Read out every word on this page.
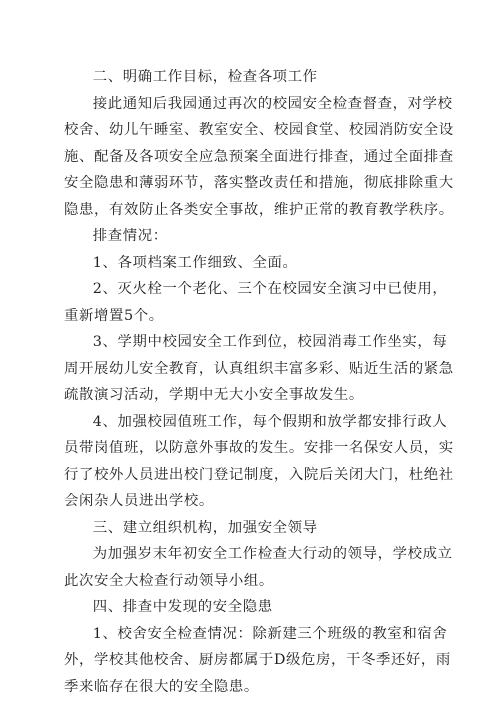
二、明确工作目标，检查各项工作

接此通知后我园通过再次的校园安全检查督查，对学校
校舍、幼儿午睡室、教室安全、校园食堂、校园消防安全设
施、配备及各项安全应急预案全面进行排查，通过全面排查
安全隐患和薄弱环节，落实整改责任和措施，彻底排除重大
隐患，有效防止各类安全事故，维护正常的教育教学秩序。

排查情况：

1、各项档案工作细致、全面。

2、灭火栓一个老化、三个在校园安全演习中已使用，
重新增置5个。

3、学期中校园安全工作到位，校园消毒工作坐实，每
周开展幼儿安全教育，认真组织丰富多彩、贴近生活的紧急
疏散演习活动，学期中无大小安全事故发生。

4、加强校园值班工作，每个假期和放学都安排行政人
员带岗值班，以防意外事故的发生。安排一名保安人员，实
行了校外人员进出校门登记制度，入院后关闭大门，杜绝社
会闲杂人员进出学校。

三、建立组织机构，加强安全领导

为加强岁末年初安全工作检查大行动的领导，学校成立
此次安全大检查行动领导小组。

四、排查中发现的安全隐患

1、校舍安全检查情况：除新建三个班级的教室和宿舍
外，学校其他校舍、厨房都属于D级危房，干冬季还好，雨
季来临存在很大的安全隐患。
